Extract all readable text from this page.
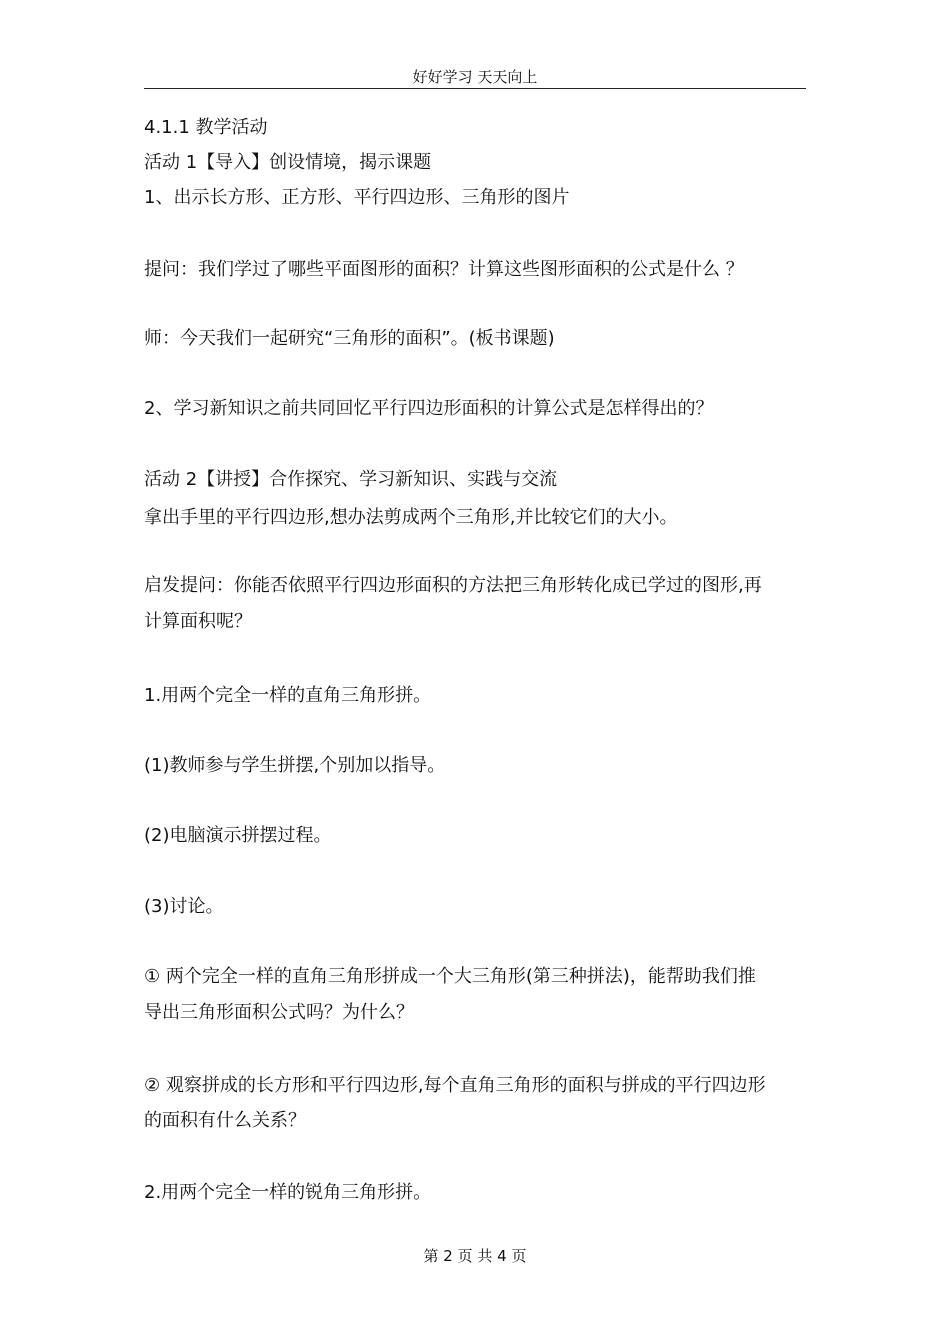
好好学习 天天向上
4.1.1 教学活动
活动 1【导入】创设情境，揭示课题
1、出示长方形、正方形、平行四边形、三角形的图片
提问：我们学过了哪些平面图形的面积？计算这些图形面积的公式是什么 ？
师：今天我们一起研究“三角形的面积”。(板书课题)
2、学习新知识之前共同回忆平行四边形面积的计算公式是怎样得出的？
活动 2【讲授】合作探究、学习新知识、实践与交流
拿出手里的平行四边形,想办法剪成两个三角形,并比较它们的大小。
启发提问：你能否依照平行四边形面积的方法把三角形转化成已学过的图形,再
计算面积呢？
1.用两个完全一样的直角三角形拼。
(1)教师参与学生拼摆,个别加以指导。
(2)电脑演示拼摆过程。
(3)讨论。
① 两个完全一样的直角三角形拼成一个大三角形(第三种拼法)，能帮助我们推
导出三角形面积公式吗？为什么？
② 观察拼成的长方形和平行四边形,每个直角三角形的面积与拼成的平行四边形
的面积有什么关系？
2.用两个完全一样的锐角三角形拼。
第 2 页 共 4 页
